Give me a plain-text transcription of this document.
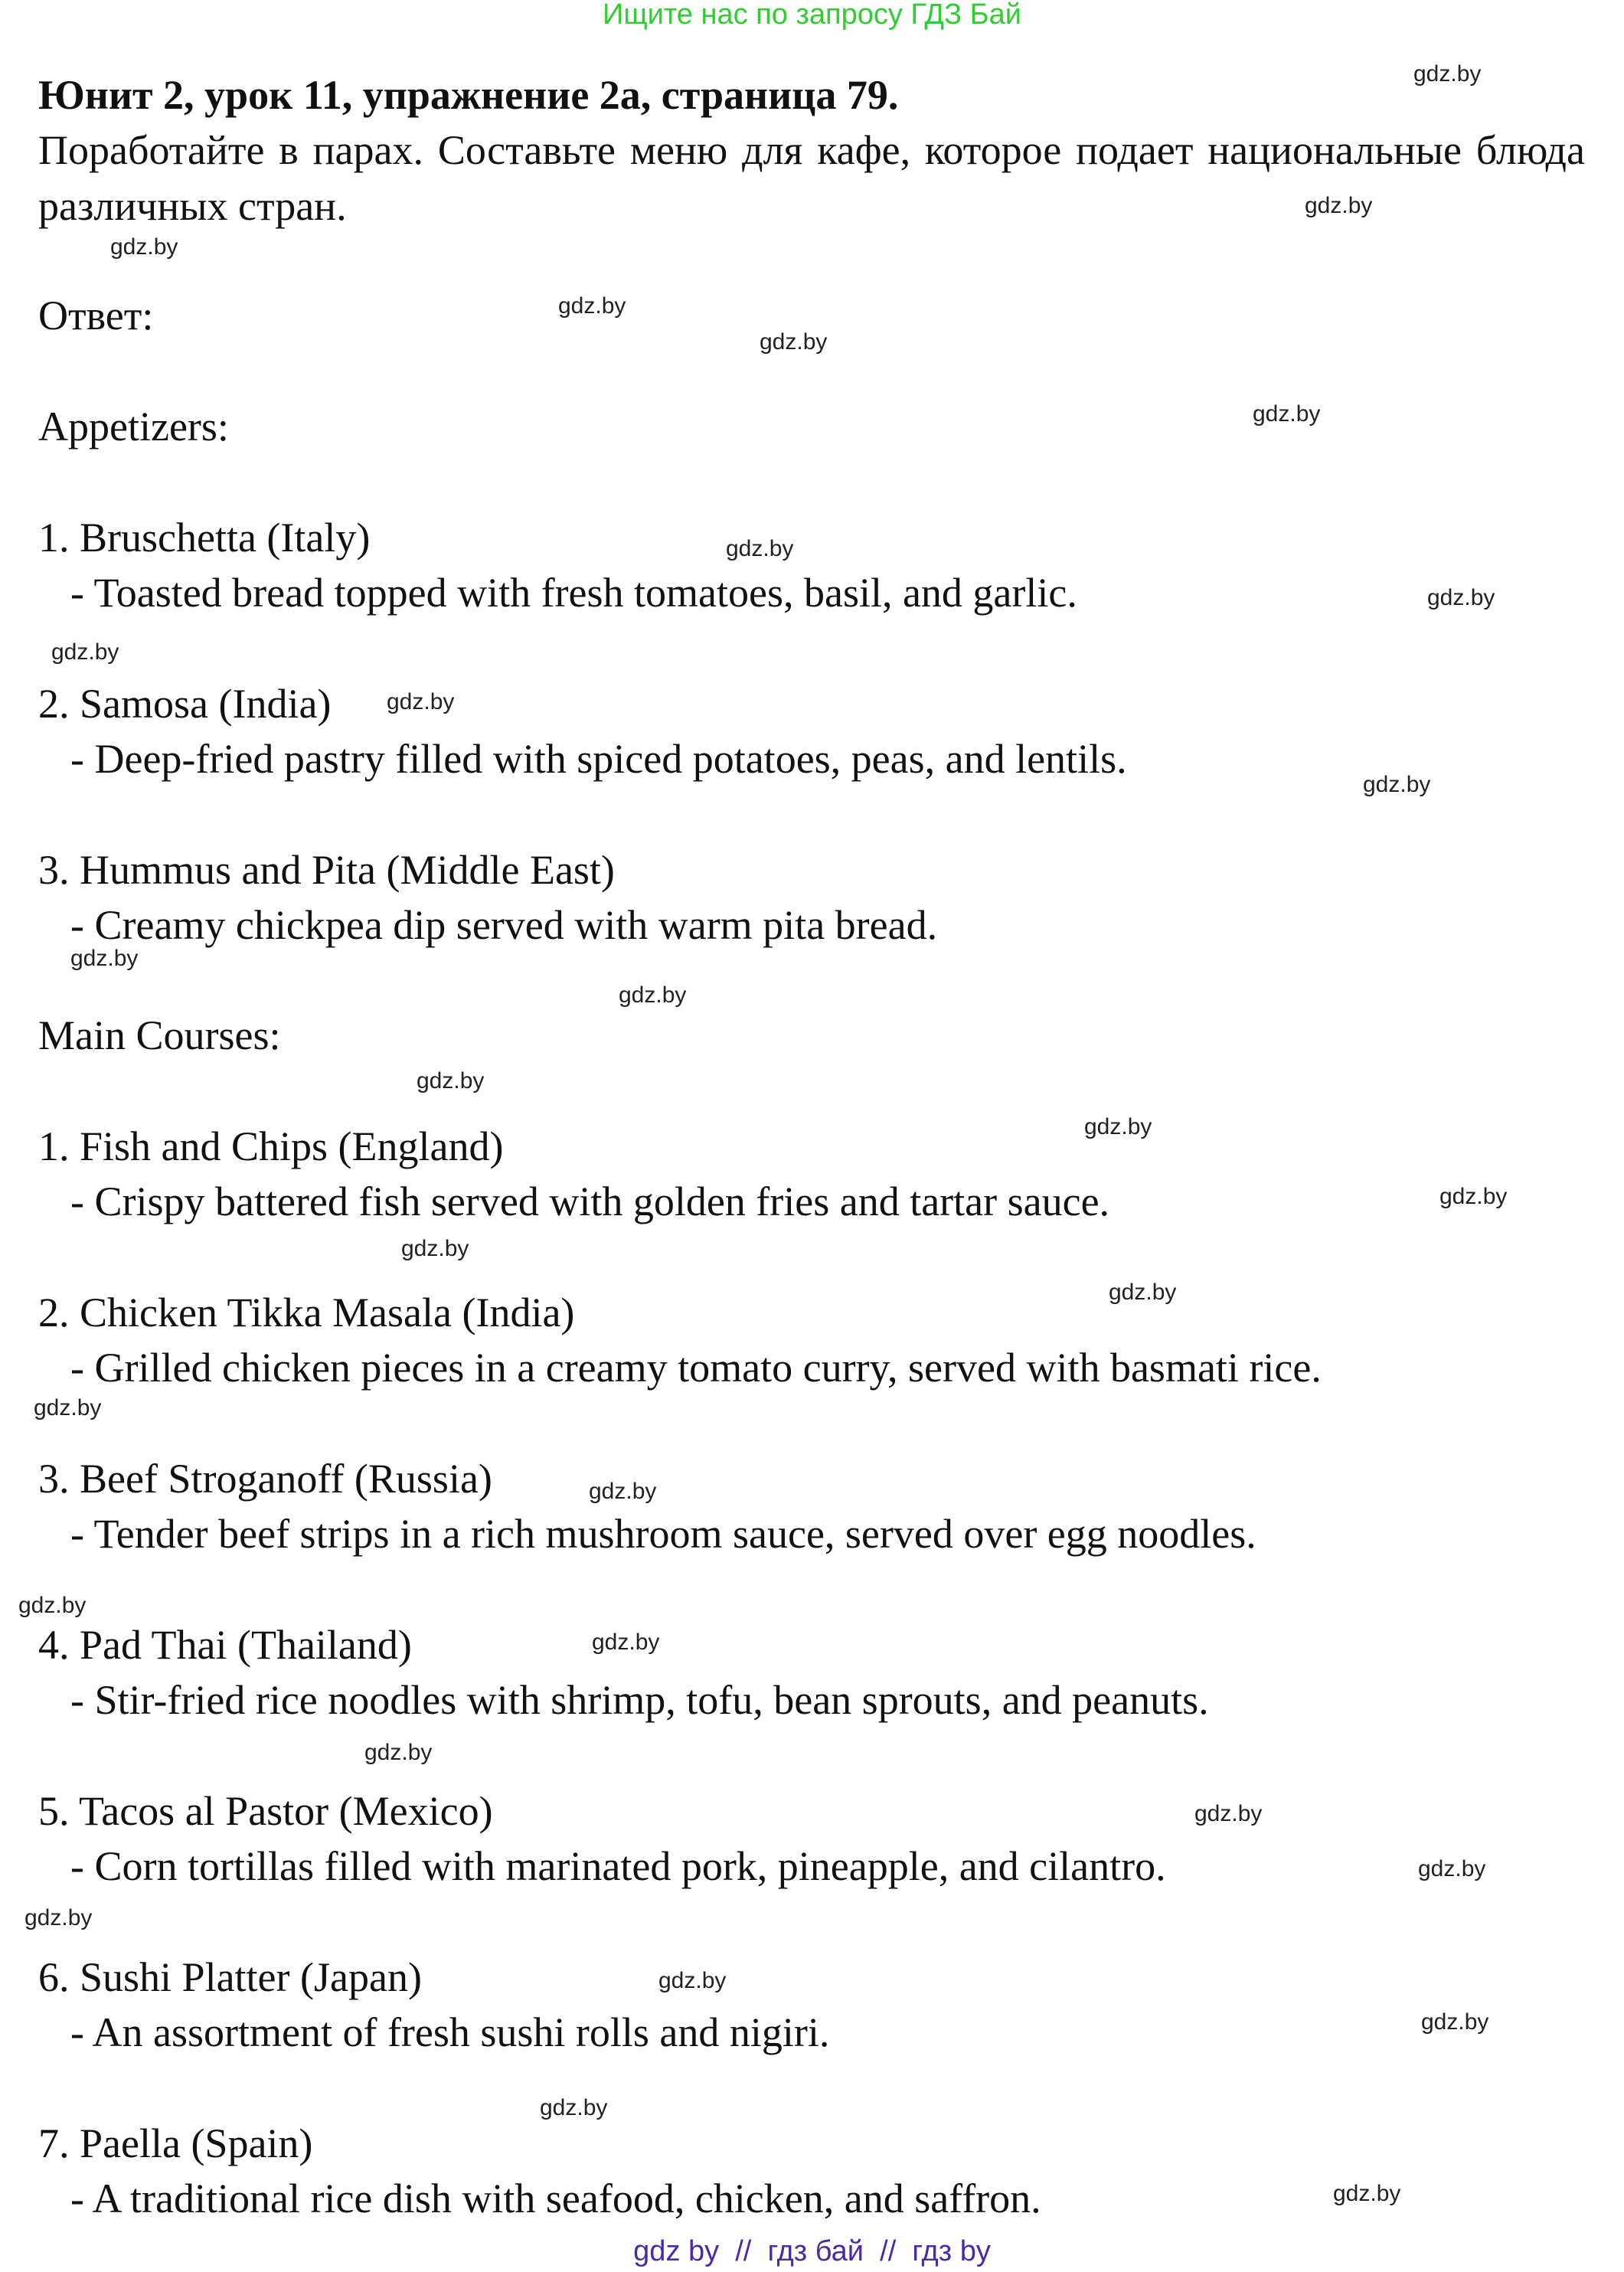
Ищите нас по запросу ГДЗ Бай
Юнит 2, урок 11, упражнение 2a, страница 79.
Поработайте в парах. Составьте меню для кафе, которое подает национальные блюда различных стран.
Ответ:
Appetizers:
1. Bruschetta (Italy)
- Toasted bread topped with fresh tomatoes, basil, and garlic.
2. Samosa (India)
- Deep-fried pastry filled with spiced potatoes, peas, and lentils.
3. Hummus and Pita (Middle East)
- Creamy chickpea dip served with warm pita bread.
Main Courses:
1. Fish and Chips (England)
- Crispy battered fish served with golden fries and tartar sauce.
2. Chicken Tikka Masala (India)
- Grilled chicken pieces in a creamy tomato curry, served with basmati rice.
3. Beef Stroganoff (Russia)
- Tender beef strips in a rich mushroom sauce, served over egg noodles.
4. Pad Thai (Thailand)
- Stir-fried rice noodles with shrimp, tofu, bean sprouts, and peanuts.
5. Tacos al Pastor (Mexico)
- Corn tortillas filled with marinated pork, pineapple, and cilantro.
6. Sushi Platter (Japan)
- An assortment of fresh sushi rolls and nigiri.
7. Paella (Spain)
- A traditional rice dish with seafood, chicken, and saffron.
gdz.by
gdz.by
gdz.by
gdz.by
gdz.by
gdz.by
gdz.by
gdz.by
gdz.by
gdz.by
gdz.by
gdz.by
gdz.by
gdz.by
gdz.by
gdz.by
gdz.by
gdz.by
gdz.by
gdz.by
gdz.by
gdz.by
gdz.by
gdz.by
gdz.by
gdz.by
gdz.by
gdz.by
gdz.by
gdz.by
gdz by  //  гдз бай  //  гдз by
